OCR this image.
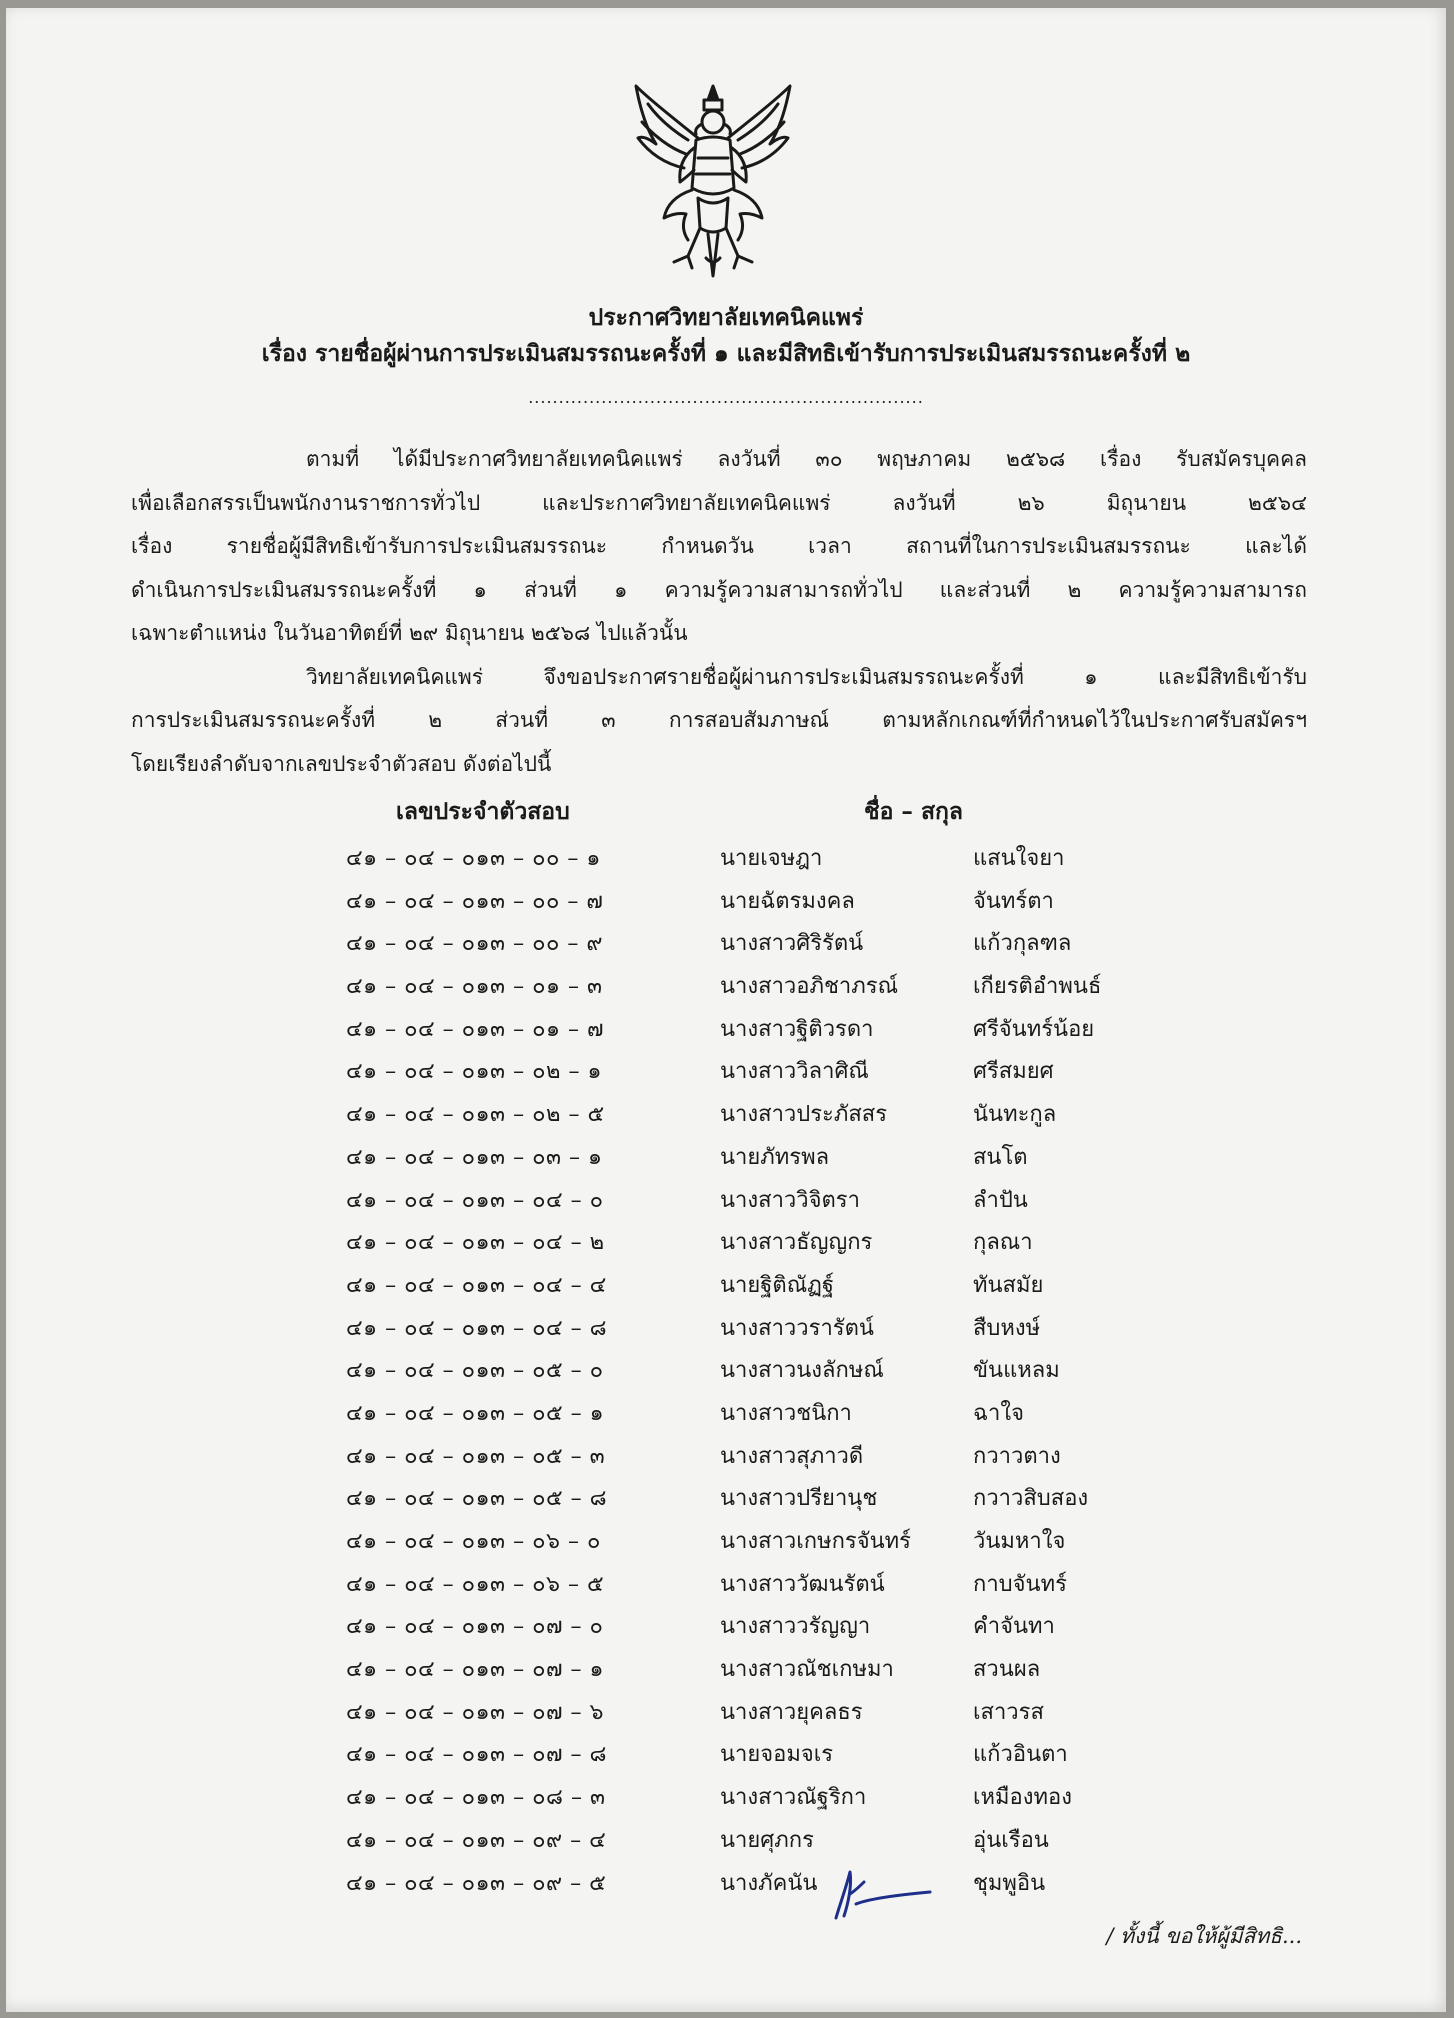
ประกาศวิทยาลัยเทคนิคแพร่
เรื่อง รายชื่อผู้ผ่านการประเมินสมรรถนะครั้งที่ ๑ และมีสิทธิเข้ารับการประเมินสมรรถนะครั้งที่ ๒
.................................................................
ตามที่ ได้มีประกาศวิทยาลัยเทคนิคแพร่ ลงวันที่ ๓๐ พฤษภาคม ๒๕๖๘ เรื่อง รับสมัครบุคคล
เพื่อเลือกสรรเป็นพนักงานราชการทั่วไป และประกาศวิทยาลัยเทคนิคแพร่ ลงวันที่ ๒๖ มิถุนายน ๒๕๖๔
เรื่อง รายชื่อผู้มีสิทธิเข้ารับการประเมินสมรรถนะ กำหนดวัน เวลา สถานที่ในการประเมินสมรรถนะ และได้
ดำเนินการประเมินสมรรถนะครั้งที่ ๑ ส่วนที่ ๑ ความรู้ความสามารถทั่วไป และส่วนที่ ๒ ความรู้ความสามารถ
เฉพาะตำแหน่ง ในวันอาทิตย์ที่ ๒๙ มิถุนายน ๒๕๖๘ ไปแล้วนั้น
วิทยาลัยเทคนิคแพร่ จึงขอประกาศรายชื่อผู้ผ่านการประเมินสมรรถนะครั้งที่ ๑ และมีสิทธิเข้ารับ
การประเมินสมรรถนะครั้งที่ ๒ ส่วนที่ ๓ การสอบสัมภาษณ์ ตามหลักเกณฑ์ที่กำหนดไว้ในประกาศรับสมัครฯ
โดยเรียงลำดับจากเลขประจำตัวสอบ ดังต่อไปนี้
เลขประจำตัวสอบ	ชื่อ – สกุล
๔๑ – ๐๔ – ๐๑๓ – ๐๐ – ๑	นายเจษฎา	แสนใจยา
๔๑ – ๐๔ – ๐๑๓ – ๐๐ – ๗	นายฉัตรมงคล	จันทร์ตา
๔๑ – ๐๔ – ๐๑๓ – ๐๐ – ๙	นางสาวศิริรัตน์	แก้วกุลฑล
๔๑ – ๐๔ – ๐๑๓ – ๐๑ – ๓	นางสาวอภิชาภรณ์	เกียรติอำพนธ์
๔๑ – ๐๔ – ๐๑๓ – ๐๑ – ๗	นางสาวฐิติวรดา	ศรีจันทร์น้อย
๔๑ – ๐๔ – ๐๑๓ – ๐๒ – ๑	นางสาววิลาศิณี	ศรีสมยศ
๔๑ – ๐๔ – ๐๑๓ – ๐๒ – ๕	นางสาวประภัสสร	นันทะกูล
๔๑ – ๐๔ – ๐๑๓ – ๐๓ – ๑	นายภัทรพล	สนโต
๔๑ – ๐๔ – ๐๑๓ – ๐๔ – ๐	นางสาววิจิตรา	ลำปัน
๔๑ – ๐๔ – ๐๑๓ – ๐๔ – ๒	นางสาวธัญญกร	กุลณา
๔๑ – ๐๔ – ๐๑๓ – ๐๔ – ๔	นายฐิติณัฏฐ์	ทันสมัย
๔๑ – ๐๔ – ๐๑๓ – ๐๔ – ๘	นางสาววรารัตน์	สืบหงษ์
๔๑ – ๐๔ – ๐๑๓ – ๐๕ – ๐	นางสาวนงลักษณ์	ขันแหลม
๔๑ – ๐๔ – ๐๑๓ – ๐๕ – ๑	นางสาวชนิกา	ฉาใจ
๔๑ – ๐๔ – ๐๑๓ – ๐๕ – ๓	นางสาวสุภาวดี	กวาวตาง
๔๑ – ๐๔ – ๐๑๓ – ๐๕ – ๘	นางสาวปรียานุช	กวาวสิบสอง
๔๑ – ๐๔ – ๐๑๓ – ๐๖ – ๐	นางสาวเกษกรจันทร์	วันมหาใจ
๔๑ – ๐๔ – ๐๑๓ – ๐๖ – ๕	นางสาววัฒนรัตน์	กาบจันทร์
๔๑ – ๐๔ – ๐๑๓ – ๐๗ – ๐	นางสาววรัญญา	คำจันทา
๔๑ – ๐๔ – ๐๑๓ – ๐๗ – ๑	นางสาวณัชเกษมา	สวนผล
๔๑ – ๐๔ – ๐๑๓ – ๐๗ – ๖	นางสาวยุคลธร	เสาวรส
๔๑ – ๐๔ – ๐๑๓ – ๐๗ – ๘	นายจอมจเร	แก้วอินตา
๔๑ – ๐๔ – ๐๑๓ – ๐๘ – ๓	นางสาวณัฐริกา	เหมืองทอง
๔๑ – ๐๔ – ๐๑๓ – ๐๙ – ๔	นายศุภกร	อุ่นเรือน
๔๑ – ๐๔ – ๐๑๓ – ๐๙ – ๕	นางภัคนัน	ชุมพูอิน
/ ทั้งนี้ ขอให้ผู้มีสิทธิ...
